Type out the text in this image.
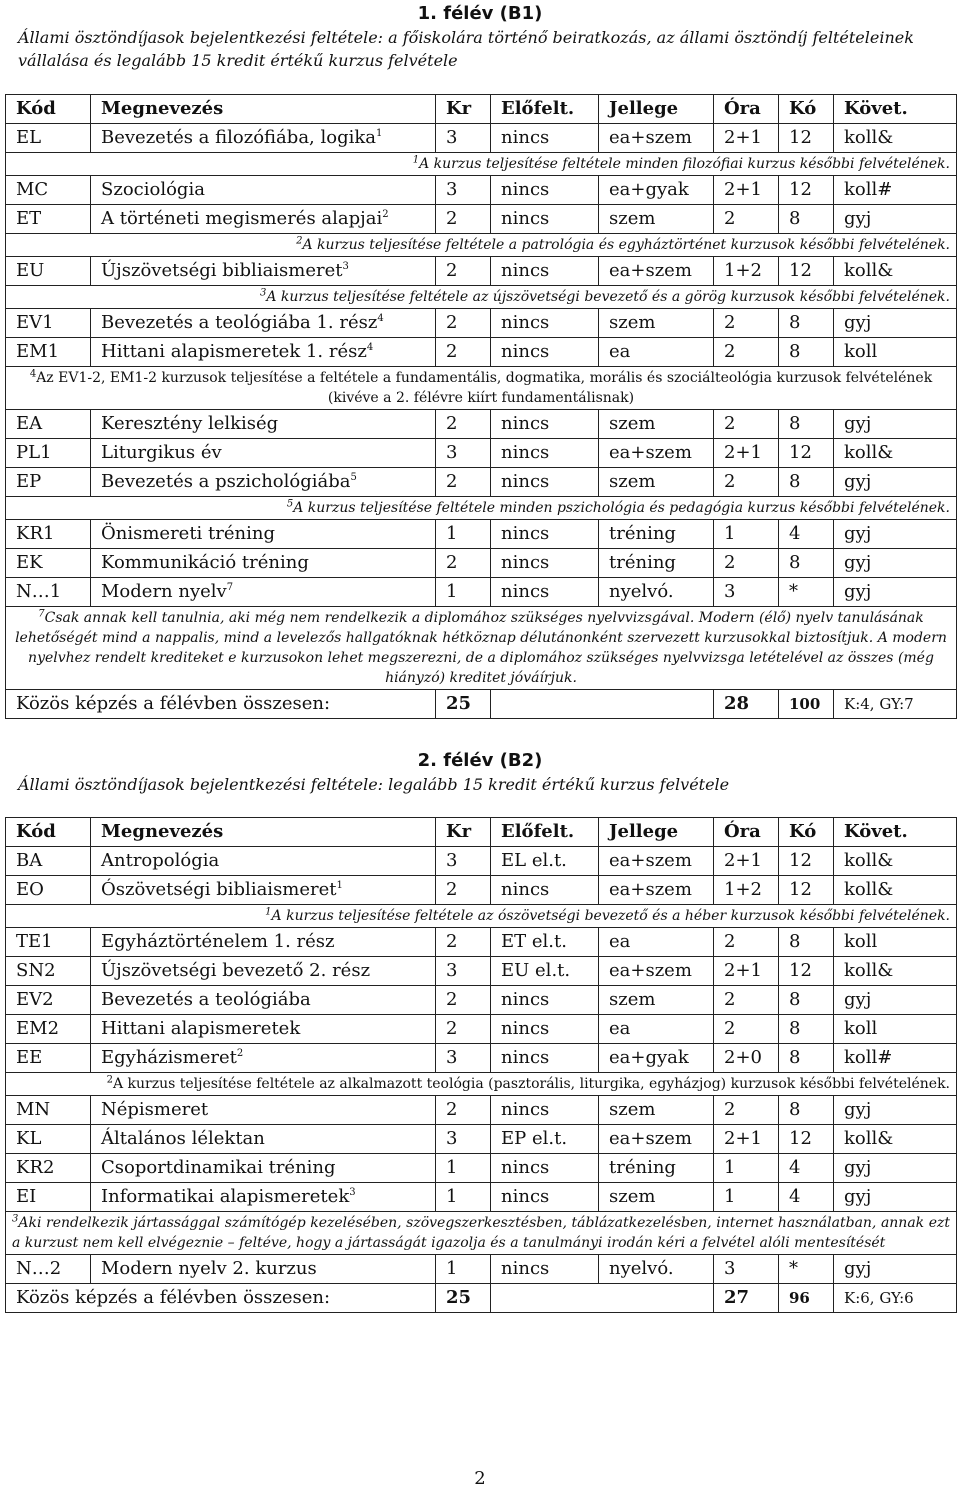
1. félév (B1)
Állami ösztöndíjasok bejelentkezési feltétele: a főiskolára történő beiratkozás, az állami ösztöndíj feltételeinek vállalása és legalább 15 kredit értékű kurzus felvétele
Kód	Megnevezés	Kr	Előfelt.	Jellege	Óra	Kó	Követ.
EL	Bevezetés a filozófiába, logika$^1$	3	nincs	ea+szem	2+1	12	koll&
$^1$A kurzus teljesítése feltétele minden filozófiai kurzus későbbi felvételének.							
MC	Szociológia	3	nincs	ea+gyak	2+1	12	koll#
ET	A történeti megismerés alapjai$^2$	2	nincs	szem	2	8	gyj
$^2$A kurzus teljesítése feltétele a patrológia és egyháztörténet kurzusok későbbi felvételének.							
EU	Újszövetségi bibliaismeret$^3$	2	nincs	ea+szem	1+2	12	koll&
$^3$A kurzus teljesítése feltétele az újszövetségi bevezető és a görög kurzusok későbbi felvételének.							
EV1	Bevezetés a teológiába 1. rész$^4$	2	nincs	szem	2	8	gyj
EM1	Hittani alapismeretek 1. rész$^4$	2	nincs	ea	2	8	koll
$^4$Az EV1-2, EM1-2 kurzusok teljesítése a feltétele a fundamentális, dogmatika, morális és szociálteológia kurzusok felvételének (kivéve a 2. félévre kiírt fundamentálisnak)							
EA	Keresztény lelkiség	2	nincs	szem	2	8	gyj
PL1	Liturgikus év	3	nincs	ea+szem	2+1	12	koll&
EP	Bevezetés a pszichológiába$^5$	2	nincs	szem	2	8	gyj
$^5$A kurzus teljesítése feltétele minden pszichológia és pedagógia kurzus későbbi felvételének.							
KR1	Önismereti tréning	1	nincs	tréning	1	4	gyj
EK	Kommunikáció tréning	2	nincs	tréning	2	8	gyj
N…1	Modern nyelv$^7$	1	nincs	nyelvó.	3	*	gyj
$^7$Csak annak kell tanulnia, aki még nem rendelkezik a diplomához szükséges nyelvvizsgával. Modern (élő) nyelv tanulásának lehetőségét mind a nappalis, mind a levelezős hallgatóknak hétköznap délutánonként szervezett kurzusokkal biztosítjuk. A modern nyelvhez rendelt krediteket e kurzusokon lehet megszerezni, de a diplomához szükséges nyelvvizsga letételével az összes (még hiányzó) kreditet jóváírjuk.							
Közös képzés a félévben összesen:		25			28	100	K:4, GY:7
2. félév (B2)
Állami ösztöndíjasok bejelentkezési feltétele: legalább 15 kredit értékű kurzus felvétele
Kód	Megnevezés	Kr	Előfelt.	Jellege	Óra	Kó	Követ.
BA	Antropológia	3	EL el.t.	ea+szem	2+1	12	koll&
EO	Ószövetségi bibliaismeret$^1$	2	nincs	ea+szem	1+2	12	koll&
$^1$A kurzus teljesítése feltétele az ószövetségi bevezető és a héber kurzusok későbbi felvételének.							
TE1	Egyháztörténelem 1. rész	2	ET el.t.	ea	2	8	koll
SN2	Újszövetségi bevezető 2. rész	3	EU el.t.	ea+szem	2+1	12	koll&
EV2	Bevezetés a teológiába	2	nincs	szem	2	8	gyj
EM2	Hittani alapismeretek	2	nincs	ea	2	8	koll
EE	Egyházismeret$^2$	3	nincs	ea+gyak	2+0	8	koll#
$^2$A kurzus teljesítése feltétele az alkalmazott teológia (pasztorális, liturgika, egyházjog) kurzusok későbbi felvételének.							
MN	Népismeret	2	nincs	szem	2	8	gyj
KL	Általános lélektan	3	EP el.t.	ea+szem	2+1	12	koll&
KR2	Csoportdinamikai tréning	1	nincs	tréning	1	4	gyj
EI	Informatikai alapismeretek$^3$	1	nincs	szem	1	4	gyj
$^3$Aki rendelkezik jártassággal számítógép kezelésében, szövegszerkesztésben, táblázatkezelésben, internet használatban, annak ezt a kurzust nem kell elvégeznie – feltéve, hogy a jártasságát igazolja és a tanulmányi irodán kéri a felvétel alóli mentesítését							
N…2	Modern nyelv 2. kurzus	1	nincs	nyelvó.	3	*	gyj
Közös képzés a félévben összesen:		25			27	96	K:6, GY:6
2
